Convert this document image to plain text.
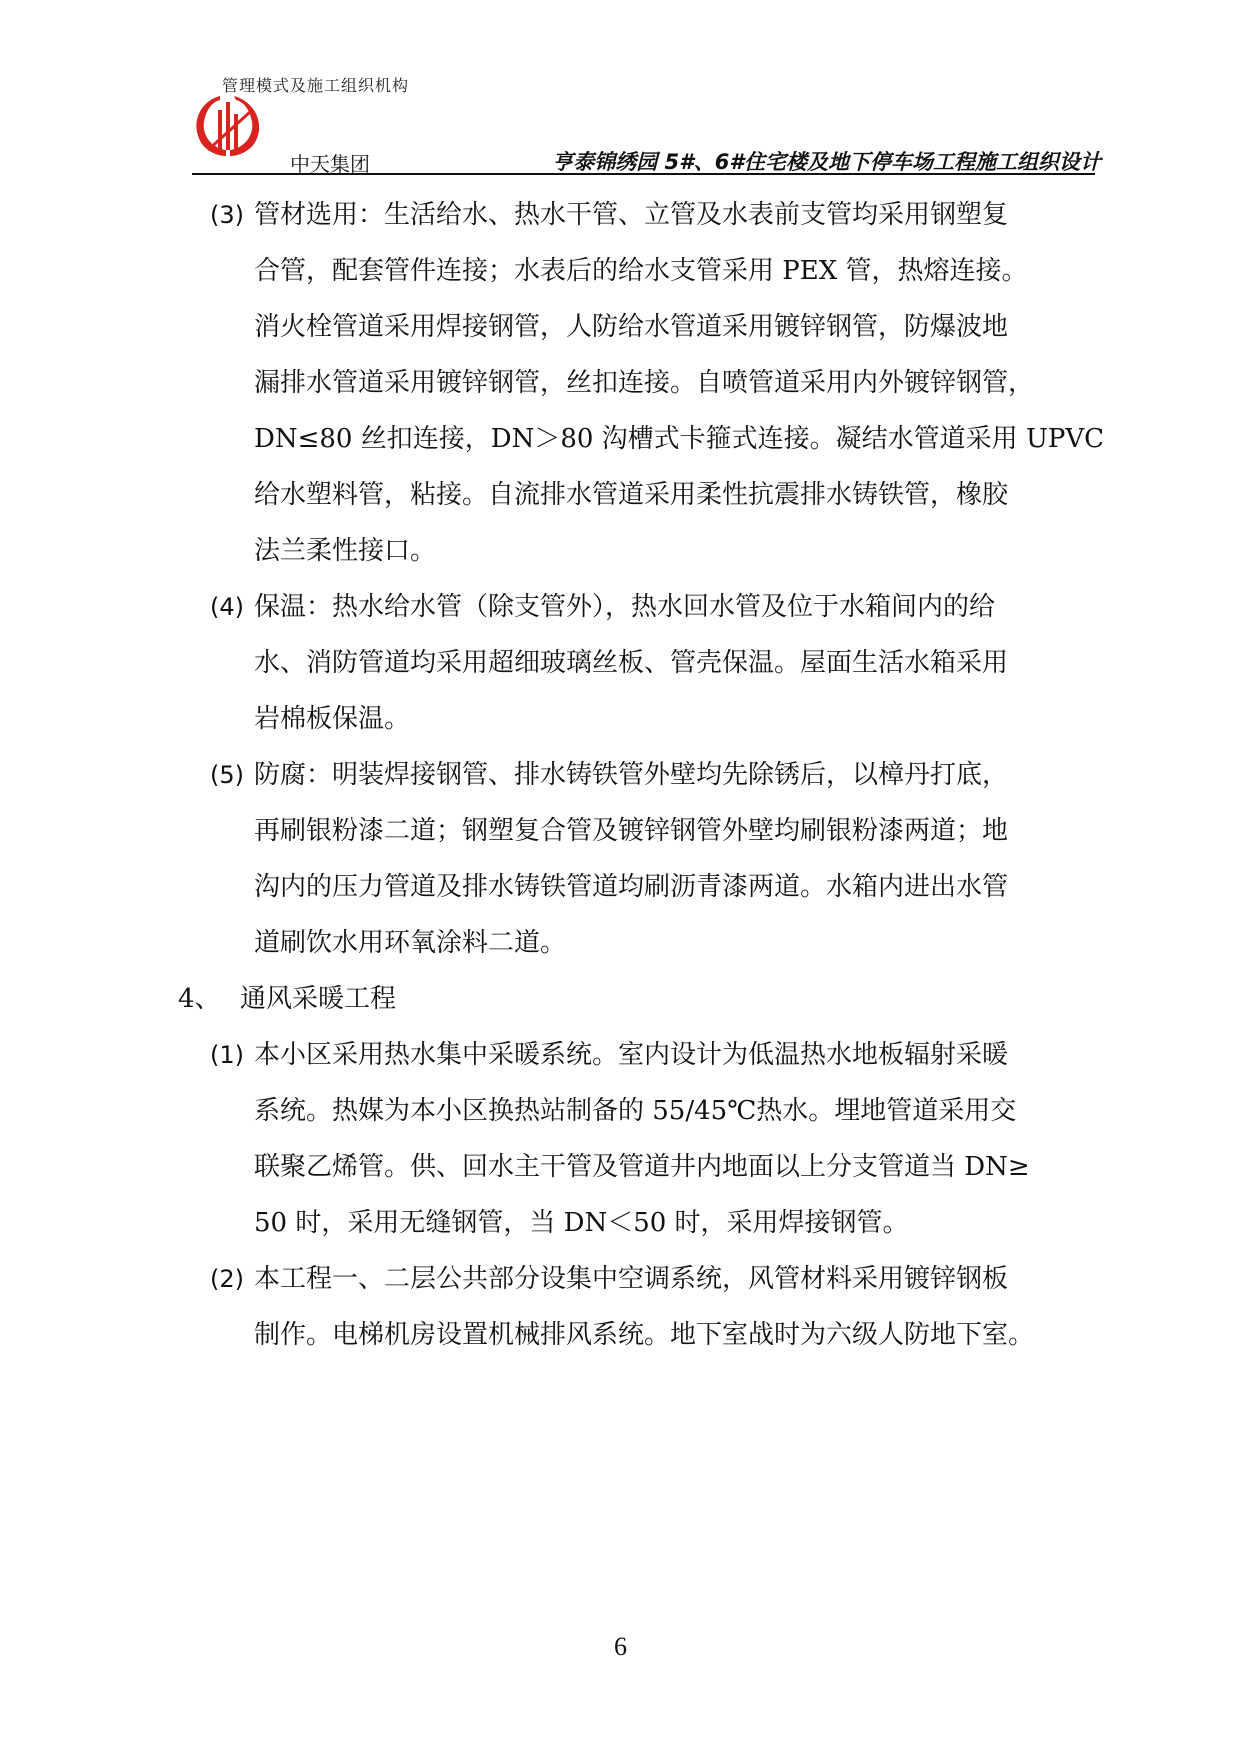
管理模式及施工组织机构
中天集团	亨泰锦绣园 5#、6#住宅楼及地下停车场工程施工组织设计
(3) 管材选用：生活给水、热水干管、立管及水表前支管均采用钢塑复
合管，配套管件连接；水表后的给水支管采用 PEX 管，热熔连接。
消火栓管道采用焊接钢管，人防给水管道采用镀锌钢管，防爆波地
漏排水管道采用镀锌钢管，丝扣连接。自喷管道采用内外镀锌钢管，
DN≤80 丝扣连接，DN＞80 沟槽式卡箍式连接。凝结水管道采用 UPVC
给水塑料管，粘接。自流排水管道采用柔性抗震排水铸铁管，橡胶
法兰柔性接口。
(4) 保温：热水给水管（除支管外），热水回水管及位于水箱间内的给
水、消防管道均采用超细玻璃丝板、管壳保温。屋面生活水箱采用
岩棉板保温。
(5) 防腐：明装焊接钢管、排水铸铁管外壁均先除锈后，以樟丹打底，
再刷银粉漆二道；钢塑复合管及镀锌钢管外壁均刷银粉漆两道；地
沟内的压力管道及排水铸铁管道均刷沥青漆两道。水箱内进出水管
道刷饮水用环氧涂料二道。
4、 通风采暖工程
(1) 本小区采用热水集中采暖系统。室内设计为低温热水地板辐射采暖
系统。热媒为本小区换热站制备的 55/45℃热水。埋地管道采用交
联聚乙烯管。供、回水主干管及管道井内地面以上分支管道当 DN≥
50 时，采用无缝钢管，当 DN＜50 时，采用焊接钢管。
(2) 本工程一、二层公共部分设集中空调系统，风管材料采用镀锌钢板
制作。电梯机房设置机械排风系统。地下室战时为六级人防地下室。
6
